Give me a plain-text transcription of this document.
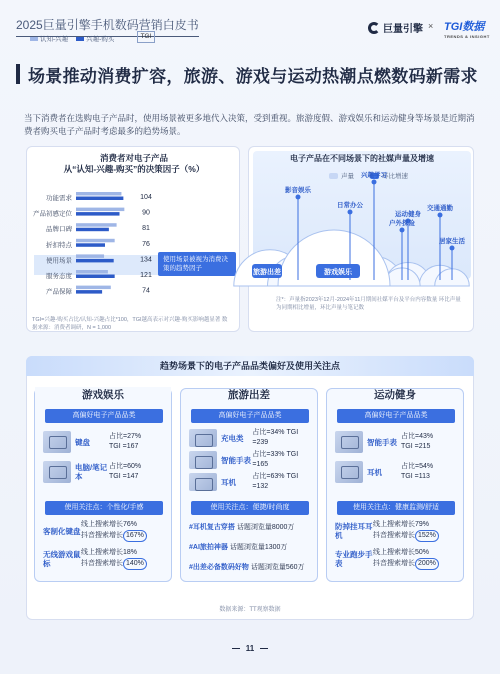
2025巨量引擎手机数码营销白皮书	巨量引擎 × TGI数据
TRENDS & INSIGHT
场景推动消费扩容，旅游、游戏与运动热潮点燃数码新需求

当下消费者在选购电子产品时，使用场景被更多地代入决策，受到重视。旅游度假、游戏娱乐和运动健身等场景是近期消费者购买电子产品时考虑最多的趋势场景。

消费者对电子产品
从“认知-兴趣-购买”的决策因子（%）
认知-兴趣	兴趣-购买	TGI
功能需求	104
产品初感定位	90
品牌口碑	81
折扣特点	76
使用场景	134
服务态度	121
产品保障	74
使用场景被视为消费决策的趋势因子
TGI=兴趣-购买占比/认知-兴趣占比*100，TGI越高表示对兴趣-购买影响越显著 数据来源：消费者调研，N = 1,000
电子产品在不同场景下的社媒声量及增速
声量	环比增速
旅游出差	游戏娱乐
影音娱乐
日常办公
兴趣学习
运动健身
交通通勤
户外探险
居家生活
注*：声量指2023年12月-2024年11月期间社媒平台及平台内容数量 环比声量为同期相比增量，环比声量与笔记数
趋势场景下的电子产品品类偏好及使用关注点
游戏娱乐
高偏好电子产品品类
键盘
占比=27%
TGI =167
电脑/笔记本
占比=60%
TGI =147
使用关注点：个性化/手感
客制化键盘
线上搜索增长76%
抖音搜索增长 167%
无线游戏鼠标
线上搜索增长18%
抖音搜索增长 140%
旅游出差
高偏好电子产品品类
充电类
占比=34% TGI =239
智能手表
占比=33% TGI =165
耳机
占比=63% TGI =132
使用关注点：便捷/时尚度
#耳机复古穿搭 话题浏览量8000万
#AI旅拍神器 话题浏览量1300万
#出差必备数码好物 话题浏览量560万
运动健身
高偏好电子产品品类
智能手表
占比=43%
TGI =215
耳机
占比=54%
TGI =113
使用关注点：健康监测/舒适
防掉挂耳耳机
线上搜索增长79%
抖音搜索增长 152%
专业跑步手表
线上搜索增长50%
抖音搜索增长 200%
数据来源：TT观察数据
11
